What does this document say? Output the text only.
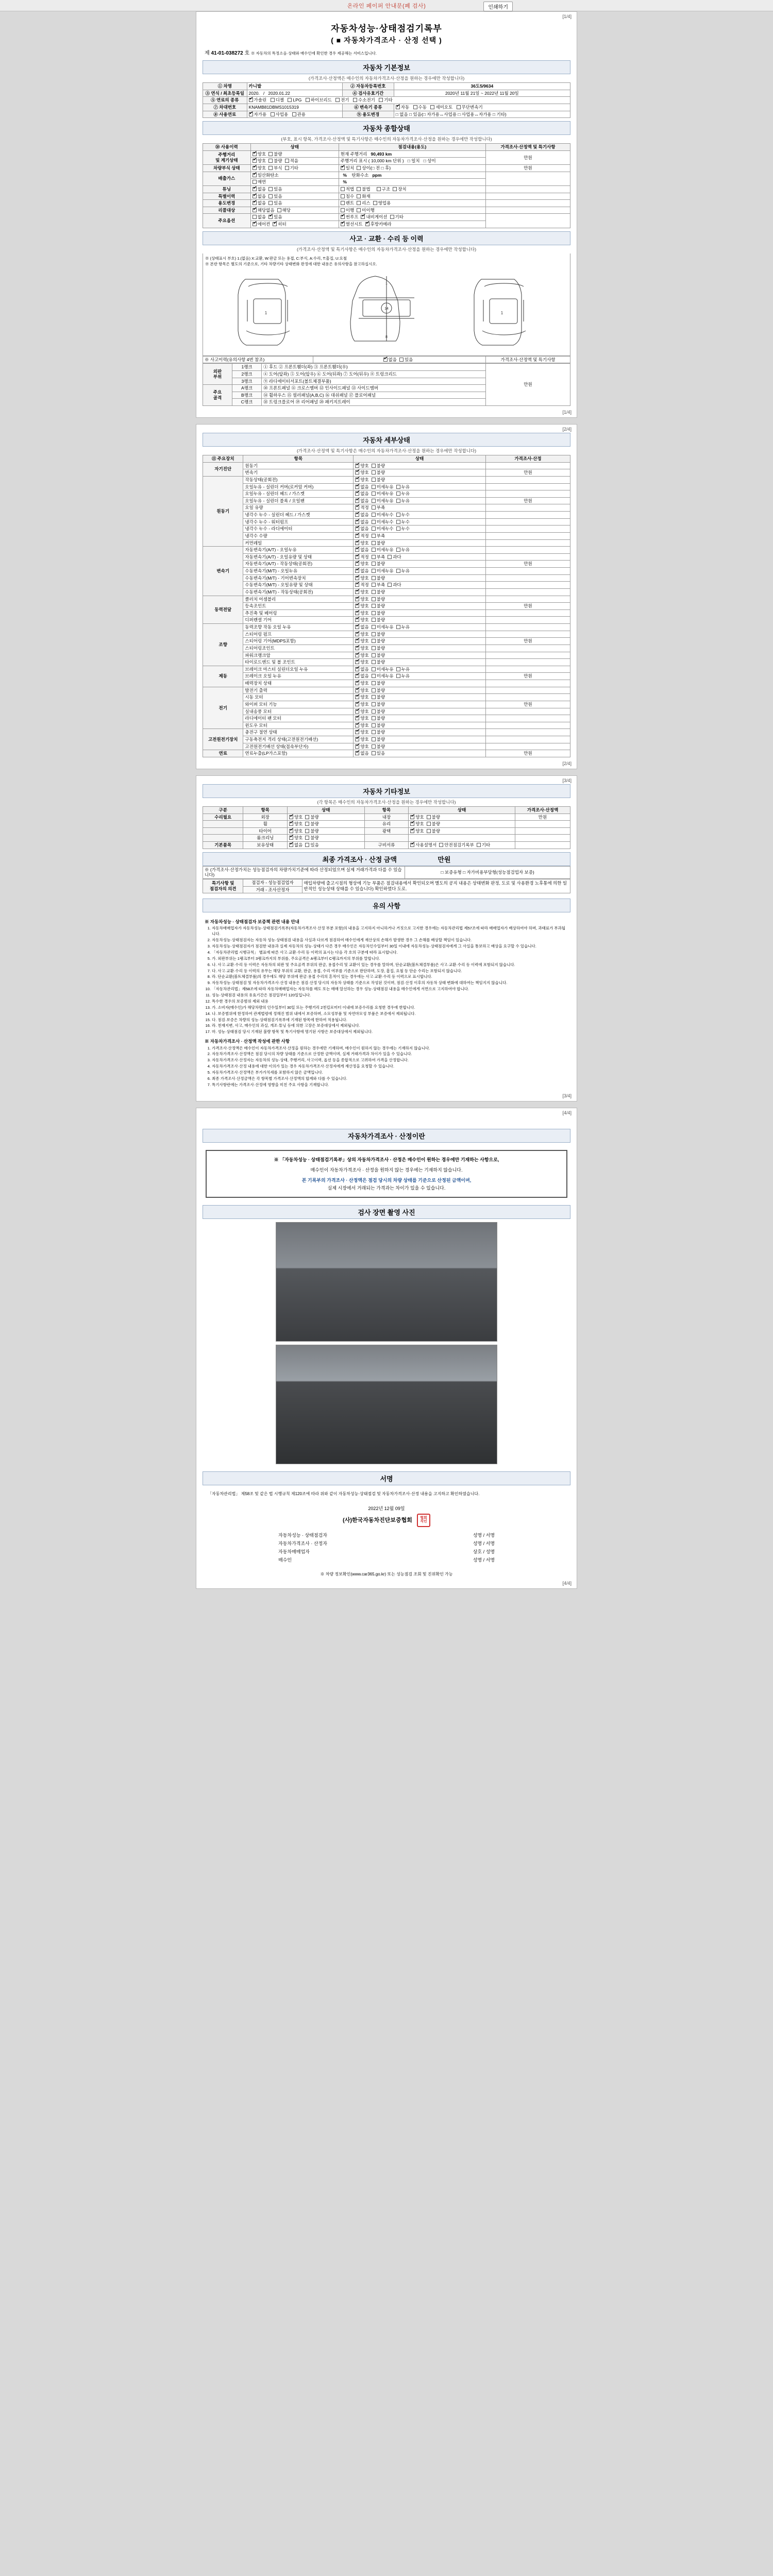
온라인 페이퍼 안내문(폐 검사)	인쇄하기
[1/4]
자동차성능·상태점검기록부
( ■ 자동차가격조사 · 산정 선택 )
제 41-01-038272 호 ※ 자동차의 특정소음·상태와 매수인에 확인한 경우 제공해는 서비스입니다.
자동차 기본정보
(가격조사·산정액은 매수인의 자동차가격조사·산정을 원하는 경우에만 작성합니다)
① 차명	카니발	② 자동차등록번호	36도5/9634
③ 연식 / 최초등록일	2020.   /   2020.01.22	④ 검사유효기간	2020년 11월 21일 ~ 2022년 11월 20일
⑤ 연료의 종류	✔가솔린 디젤 LPG 하이브리드 전기 수소전기 기타
⑦ 차대번호	KNAMB81DBMS1015319	⑥ 변속기 종류	✔자동 수동 세미오토 무단변속기
⑧ 사용연료	✔자가용 사업용 관용	⑨ 용도변경	□ 없음 □ 있음(□ 자가용↔사업용 □ 사업용↔자가용 □ 기타)
자동차 종합상태
(부호, 표시 항목, 가격조사·산정액 및 특기사항은 매수인의 자동차가격조사·산정을 원하는 경우에만 작성합니다)
⑩ 사용이력	상태	점검내용(용도)	가격조사·산정액 및 특기사항
주행거리
및 계기상태	✔양호 불량	현재 주행거리   90,493 km	만원
✔양호 불량 적음	주행거리 표시 ( 10,000 km 단위 )   □ 일치   □ 상이	
차량부식 상태	✔양호 부식 기타	✔일치 상이(□ 전 □ 후)	만원
배출가스	✔일산화탄소	%    탄화수소   ppm	
	매연	%	
튜닝	✔없음 있음	적법 불법 구조 장치	
특별이력	✔없음 있음	침수 화재	
용도변경	✔없음 있음	렌트 리스 영업용	
리콜대상	✔해당없음 해당	이행 미이행	
주요옵션	없음 ✔ 있음	✔썬루프 ✔ 내비게이션 기타	
✔에어컨 ✔ 히터	✔열선시트 ✔ 후방카메라
사고 · 교환 · 수리 등 이력
(가격조사·산정액 및 특기사항은 매수인의 자동차가격조사·산정을 원하는 경우에만 작성합니다)
※ (상태표시 부호) 1.(없음) X:교환, W:판금 또는 용접, C:부식, A:수리, T:흠집, U:요철
※ 본란 항목은 별도의 기준으로, 기타 차량기타 상태변화 판정에 대한 내용은 유의사항을 참고하십시오.
1
14
1
8
1
※ 사고이력(유의사항 4번 참조)	✔없음 있음	가격조사·산정액 및 특기사항
외판
부위	1랭크	① 후드 ② 프론트휀더(좌) ③ 프론트휀더(우)	만원
	2랭크	④ 도어(앞좌) ⑤ 도어(앞우) ⑥ 도어(뒤좌) ⑦ 도어(뒤우) ⑧ 트렁크리드	
	3랭크	⑨ 라디에이터서포트(볼트체결부품)	
주요
골격	A랭크	⑩ 프론트패널 ⑪ 크로스멤버 ⑫ 인사이드패널 ⑬ 사이드멤버	
	B랭크	⑭ 휠하우스 ⑮ 필러패널(A,B,C) ⑯ 대쉬패널 ⑰ 플로어패널	
	C랭크	⑱ 트렁크플로어 ⑲ 리어패널 ⑳ 패키지트레이	
[1/4]
[2/4]
자동차 세부상태
(가격조사·산정액 및 특기사항은 매수인의 자동차가격조사·산정을 원하는 경우에만 작성합니다)
⑪ 주요장치	항목	상태	가격조사·산정
자기진단	원동기	✔양호 불량	
	변속기	✔양호 불량	만원
원동기	작동상태(공회전)	✔양호 불량	
	오일누유 - 실린더 커버(로커암 커버)	✔없음 미세누유 누유	
	오일누유 - 실린더 헤드 / 가스켓	✔없음 미세누유 누유	
	오일누유 - 실린더 블록 / 오일팬	✔없음 미세누유 누유	만원
	오일 유량	✔적정 부족	
	냉각수 누수 - 실린더 헤드 / 가스켓	✔없음 미세누수 누수	
	냉각수 누수 - 워터펌프	✔없음 미세누수 누수	
	냉각수 누수 - 라디에이터	✔없음 미세누수 누수	
	냉각수 수량	✔적정 부족	
	커먼레일	✔양호 불량	
변속기	자동변속기(A/T) - 오일누유	✔없음 미세누유 누유	
	자동변속기(A/T) - 오일유량 및 상태	✔적정 부족 과다	
	자동변속기(A/T) - 작동상태(공회전)	✔양호 불량	만원
	수동변속기(M/T) - 오일누유	✔없음 미세누유 누유	
	수동변속기(M/T) - 기어변속장치	✔양호 불량	
	수동변속기(M/T) - 오일유량 및 상태	✔적정 부족 과다	
	수동변속기(M/T) - 작동상태(공회전)	✔양호 불량	
동력전달	클러치 어셈블리	✔양호 불량	
	등속조인트	✔양호 불량	만원
	추진축 및 베어링	✔양호 불량	
	디퍼렌셜 기어	✔양호 불량	
조향	동력조향 작동 오일 누유	✔없음 미세누유 누유	
	스티어링 펌프	✔양호 불량	
	스티어링 기어(MDPS포함)	✔양호 불량	만원
	스티어링조인트	✔양호 불량	
	파워크랭크암	✔양호 불량	
	타이로드엔드 및 볼 조인트	✔양호 불량	
제동	브레이크 마스터 실린더오일 누유	✔없음 미세누유 누유	
	브레이크 오일 누유	✔없음 미세누유 누유	만원
	배력장치 상태	✔양호 불량	
전기	발전기 출력	✔양호 불량	
	시동 모터	✔양호 불량	
	와이퍼 모터 기능	✔양호 불량	만원
	실내송풍 모터	✔양호 불량	
	라디에이터 팬 모터	✔양호 불량	
	윈도우 모터	✔양호 불량	
고전원전기장치	충전구 절연 상태	✔양호 불량	
	구동축전지 격리 상태(고전원전기배선)	✔양호 불량	
	고전원전기배선 상태(접속부단자)	✔양호 불량	
연료	연료누출(LP가스포함)	✔없음 있음	만원
[2/4]
[3/4]
자동차 기타정보
(각 항목은 매수인의 자동차가격조사·산정을 원하는 경우에만 작성합니다)
구분	항목	상태	항목	상태	가격조사·산정액
수리필요	외장	✔양호 불량	내장	✔양호 불량	만원
	휠	✔양호 불량	유리	✔양호 불량	
	타이어	✔양호 불량	광택	✔양호 불량	
	룸크리닝	✔양호 불량			
기본품목	보유상태	✔없음 있음	구비서류	✔사용설명서 안전점검기록부 기타	
최종 가격조사 · 산정 금액	만원
※ (가격조사·산정가치는 성능점검자의 차량가치기준에 따라 산정되었으며 실제 거래가격과 다를 수 있습니다)	□ 보증유형 □ 자가비용부담형(성능점검업자 보증)
특기사항 및
점검자의 의견	점검자 - 성능점검업자	매입차량에 출고시점의 형상에 기능 부품은 점검내용에서 확인되오며 별도의 공지 내용은 상태변화 판정, 도로 및 사용환경 노후통에 의한 일반적인 성능상태 상태를 수 있습니다) 확인하였다 도로.
거래 - 조사산정자
유의 사항
※ 자동차성능 · 상태점검자 보증책 관련 내용 안내
1. 자동차매매업자가 자동차성능·상태점검기록부(자동차가격조사·산정 부분 포함)의 내용을 고지하지 아니하거나 거짓으로 고지한 경우에는 자동차관리법 제57조에 따라 매매업자가 배상하여야 하며, 과태료가 부과됩니다.
2. 자동차성능·상태점검자는 자동차 성능·상태점검 내용을 사실과 다르게 점검하여 매수인에게 재산상의 손해가 발생한 경우 그 손해를 배상할 책임이 있습니다.
3. 자동차성능·상태점검자가 점검한 내용과 실제 자동차의 성능·상태가 다른 경우 매수인은 자동차인수일부터 30일 이내에 자동차성능·상태점검자에게 그 사실을 통보하고 배상을 요구할 수 있습니다.
4. 「자동차관리법 시행규칙」 별표에 따른 사고·교환·수리 등 이력의 표시는 다음 각 호의 구분에 따라 표시합니다.
5. 가. 외판부위는 1랭크부터 3랭크까지의 부위를, 주요골격은 A랭크부터 C랭크까지의 부위를 말합니다.
6. 나. 사고·교환·수리 등 이력은 자동차의 외판 및 주요골격 부위의 판금, 용접수리 및 교환이 있는 경우를 말하며, 단순교환(볼트체결부품)은 사고·교환·수리 등 이력에 포함되지 않습니다.
7. 다. 사고·교환·수리 등 이력의 유무는 해당 부위의 교환, 판금, 용접, 수리 여부를 기준으로 판단하며, 도장, 흠집, 요철 등 단순 수리는 포함되지 않습니다.
8. 라. 단순교환(볼트체결부품)의 경우에도 해당 부위에 판금·용접 수리의 흔적이 있는 경우에는 사고·교환·수리 등 이력으로 표시합니다.
9. 자동차성능·상태점검 및 자동차가격조사·산정 내용은 점검·산정 당시의 자동차 상태를 기준으로 작성된 것이며, 점검·산정 이후의 자동차 상태 변화에 대하여는 책임지지 않습니다.
10. 「자동차관리법」제58조에 따라 자동차매매업자는 자동차를 매도 또는 매매 알선하는 경우 성능·상태점검 내용을 매수인에게 서면으로 고지하여야 합니다.
11. 성능·상태점검 내용의 유효기간은 점검일부터 120일입니다.
12. 특수한 경우의 보증범위 제외 내용
13. 가. 소비자(매수인)가 해당차량의 인수일부터 30일 또는 주행거리 2천킬로미터 이내에 보증수리를 요청한 경우에 한합니다.
14. 나. 보증범위에 한정하여 관계법령에 정해진 범위 내에서 보증하며, 소모성부품 및 자연마모성 부품은 보증에서 제외됩니다.
15. 다. 점검·보증은 차량의 성능·상태점검기록부에 기재된 항목에 한하여 적용됩니다.
16. 라. 천재지변, 사고, 매수인의 과실, 개조·튜닝 등에 의한 고장은 보증대상에서 제외됩니다.
17. 마. 성능·상태점검 당시 기재된 불량 항목 및 특기사항에 명기된 사항은 보증대상에서 제외됩니다.
※ 자동차가격조사 · 산정액 작성에 관한 사항
1. 가격조사·산정액은 매수인이 자동차가격조사·산정을 원하는 경우에만 기재하며, 매수인이 원하지 않는 경우에는 기재하지 않습니다.
2. 자동차가격조사·산정액은 점검 당시의 차량 상태를 기준으로 산정한 금액이며, 실제 거래가격과 차이가 있을 수 있습니다.
3. 자동차가격조사·산정자는 자동차의 성능·상태, 주행거리, 사고이력, 옵션 등을 종합적으로 고려하여 가격을 산정합니다.
4. 자동차가격조사·산정 내용에 대한 이의가 있는 경우 자동차가격조사·산정자에게 재산정을 요청할 수 있습니다.
5. 자동차가격조사·산정액은 부가가치세를 포함하지 않은 금액입니다.
6. 최종 가격조사·산정금액은 각 항목별 가격조사·산정액의 합계와 다를 수 있습니다.
7. 특기사항란에는 가격조사·산정에 영향을 미친 주요 사항을 기재합니다.
[3/4]
[4/4]
자동차가격조사 · 산정이란
※ 「자동차성능 · 상태점검기록부」상의 자동차가격조사 · 산정은 매수인이 원하는 경우에만 기재하는 사항으로,
매수인이 자동차가격조사 · 산정을 원하지 않는 경우에는 기재하지 않습니다.
본 기록부의 가격조사 · 산정액은 점검 당시의 차량 상태를 기준으로 산정된 금액이며,
실제 시장에서 거래되는 가격과는 차이가 있을 수 있습니다.
검사 장면 촬영 사진
서명
「자동차관리법」 제58조 및 같은 법 시행규칙 제120조에 따라 위와 같이 자동차성능·상태점검 및 자동차가격조사·산정 내용을 고지하고 확인하였습니다.
2022년 12월 09일
(사)한국자동차진단보증협회 협회
직인
자동차성능 · 상태점검자	성명 / 서명
자동차가격조사 · 산정자	성명 / 서명
자동차매매업자	상호 / 성명
매수인	성명 / 서명
※ 차량 정보확인(www.car365.go.kr) 또는 성능점검 조회 및 진위확인 가능
[4/4]
